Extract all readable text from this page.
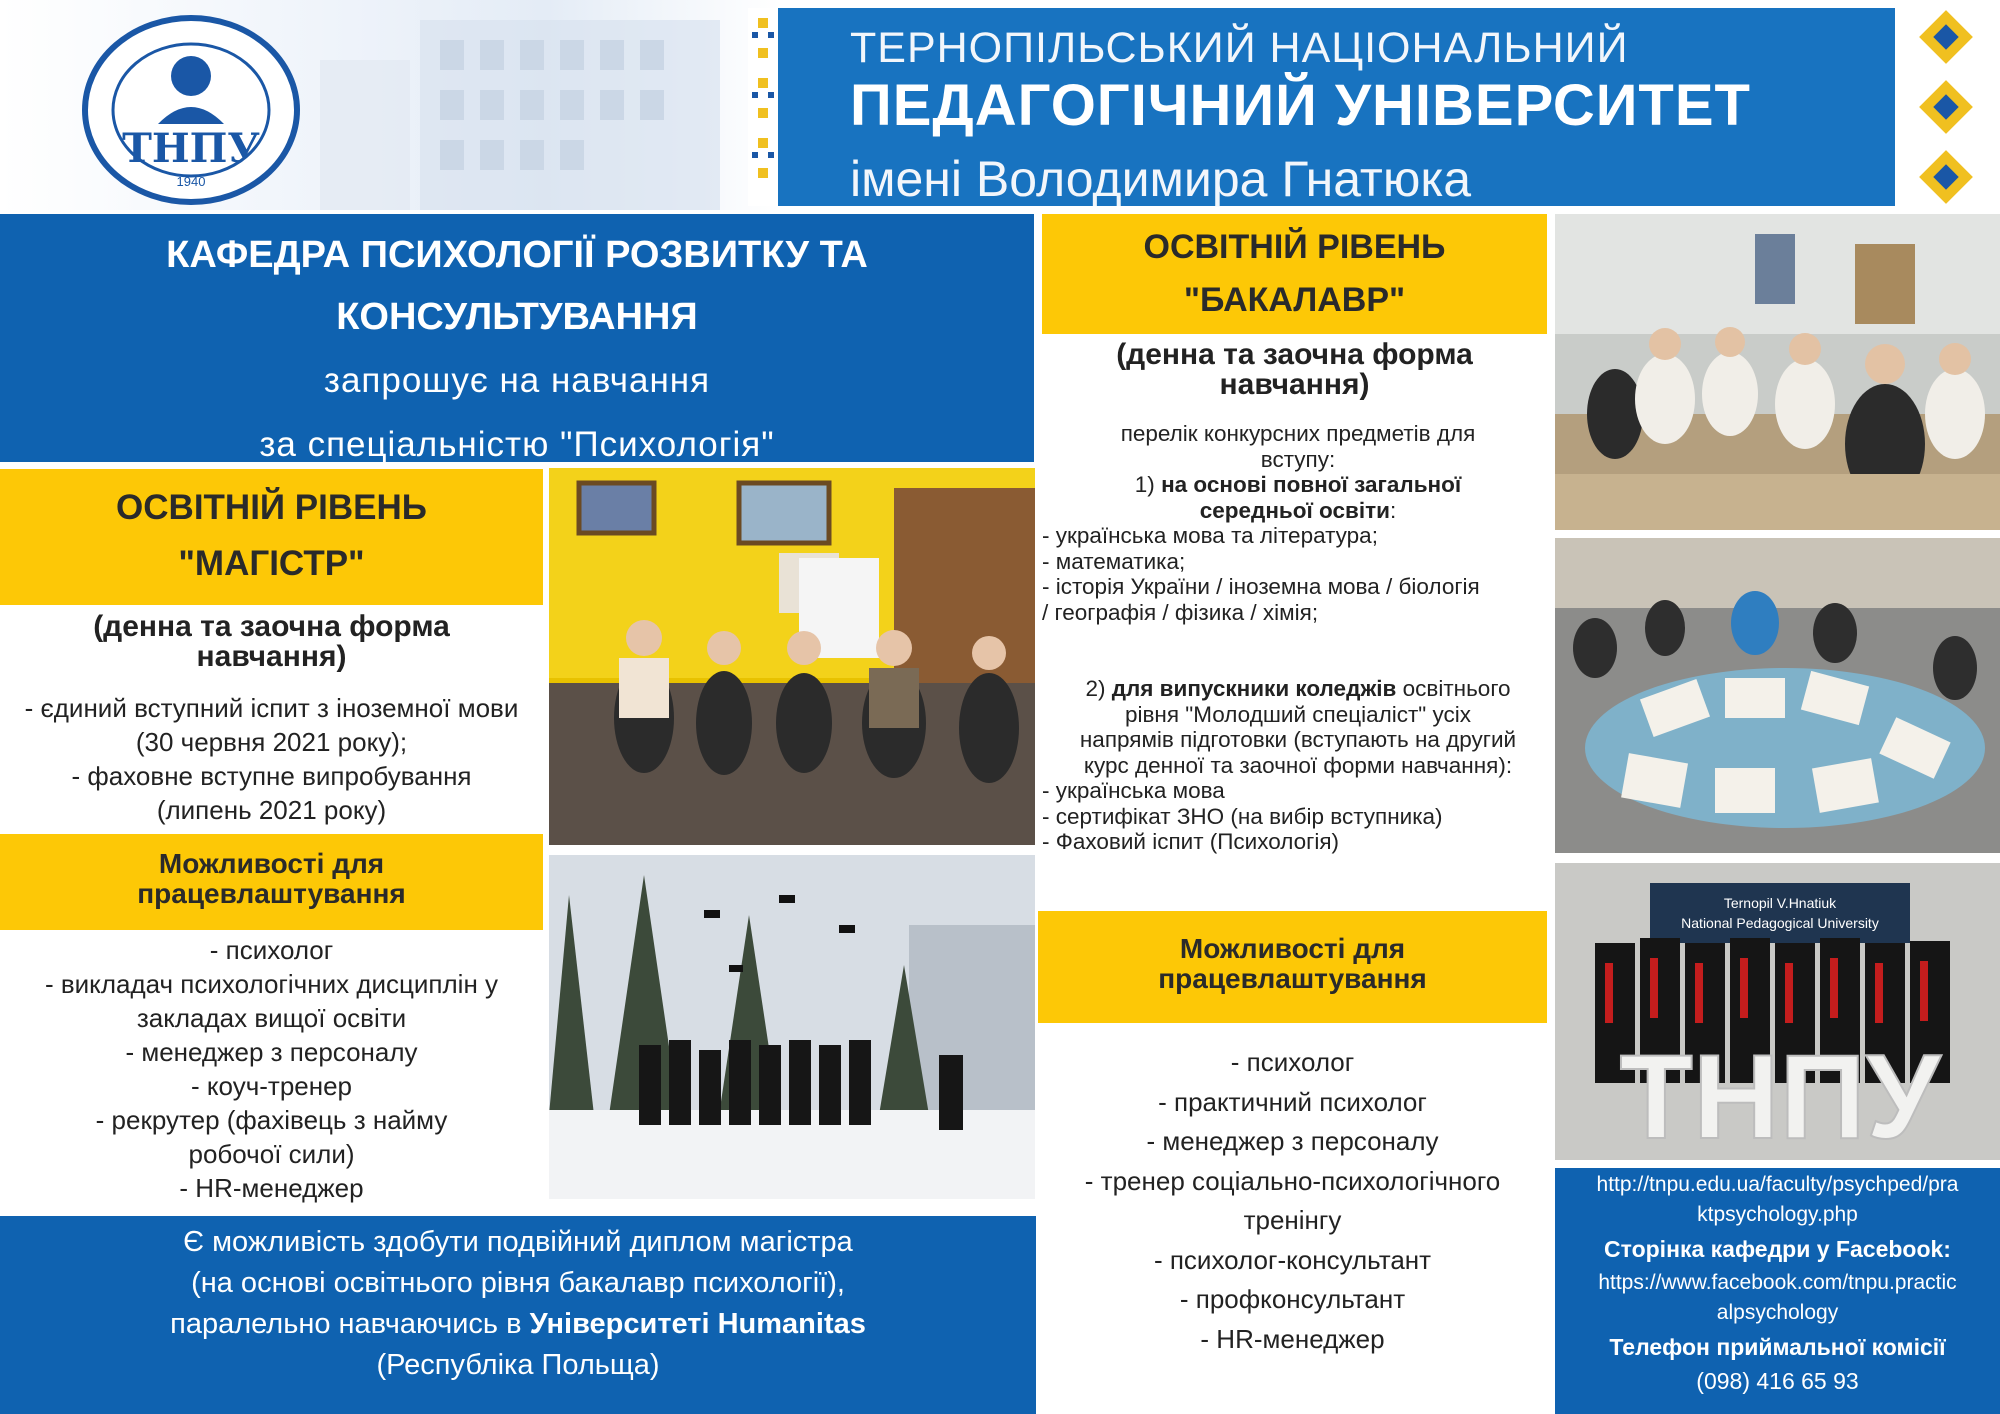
ТНПУ
1940
ТЕРНОПІЛЬСЬКИЙ НАЦІОНАЛЬНИЙ
ПЕДАГОГІЧНИЙ УНІВЕРСИТЕТ
імені Володимира Гнатюка
КАФЕДРА ПСИХОЛОГІЇ РОЗВИТКУ ТА
КОНСУЛЬТУВАННЯ
запрошує на навчання
за спеціальністю "Психологія"
ОСВІТНІЙ РІВЕНЬ
"МАГІСТР"
(денна та заочна форма
навчання)
- єдиний вступний іспит з іноземної мови
(30 червня 2021 року);
- фаховне вступне випробування
(липень 2021 року)
Можливості для
працевлаштування
- психолог
- викладач психологічних дисциплін у
закладах вищої освіти
- менеджер з персоналу
- коуч-тренер
- рекрутер (фахівець з найму
робочої сили)
- HR-менеджер
Є можливість здобути подвійний диплом магістра
(на основі освітнього рівня бакалавр психології),
паралельно навчаючись в Університеті Humanitas
(Республіка Польща)
ОСВІТНІЙ РІВЕНЬ
"БАКАЛАВР"
(денна та заочна форма
навчання)
перелік конкурсних предметів для
вступу:
1) на основі повної загальної
середньої освіти:
- українська мова та література;
- математика;
- історія України / іноземна мова / біологія
/ географія / фізика / хімія;
2) для випускники коледжів освітнього
рівня "Молодший спеціаліст" усіх
напрямів підготовки (вступають на другий
курс денної та заочної форми навчання):
- українська мова
- сертифікат ЗНО (на вибір вступника)
- Фаховий іспит (Психологія)
Можливості для
працевлаштування
- психолог
- практичний психолог
- менеджер з персоналу
- тренер соціально-психологічного
тренінгу
- психолог-консультант
- профконсультант
- HR-менеджер
Ternopil V.Hnatiuk
National Pedagogical University
ТНПУ
http://tnpu.edu.ua/faculty/psychped/pra
ktpsychology.php
Сторінка кафедри у Facebook:
https://www.facebook.com/tnpu.practic
alpsychology
Телефон приймальної комісії
(098) 416 65 93
